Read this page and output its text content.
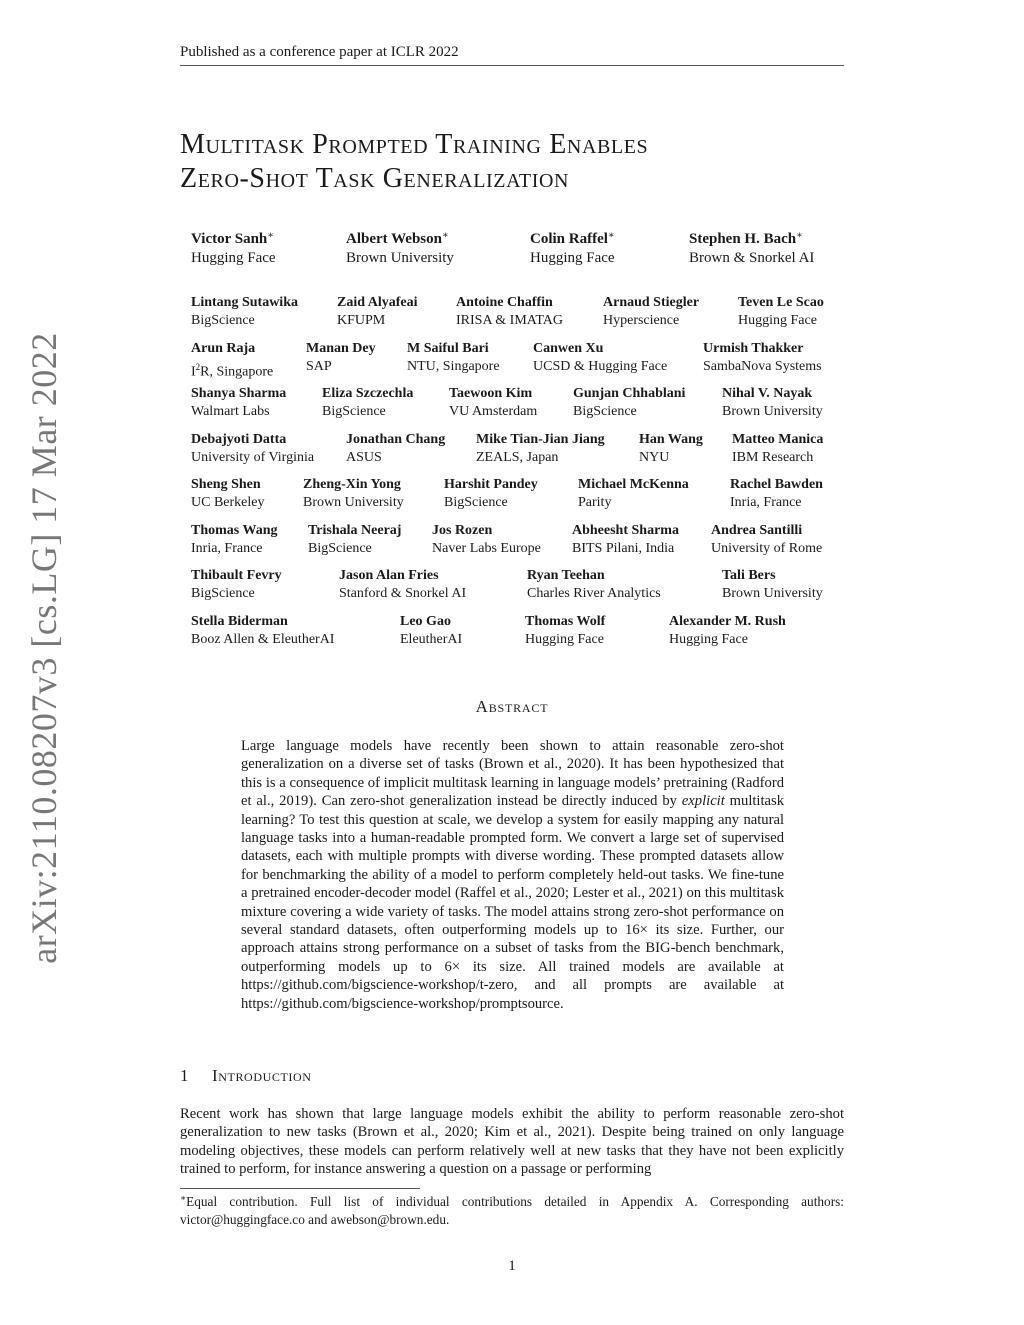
Published as a conference paper at ICLR 2022
arXiv:2110.08207v3 [cs.LG] 17 Mar 2022
Multitask Prompted Training Enables
Zero-Shot Task Generalization
Victor Sanh∗
Hugging Face
Albert Webson∗
Brown University
Colin Raffel∗
Hugging Face
Stephen H. Bach∗
Brown & Snorkel AI
Lintang Sutawika
BigScience
Zaid Alyafeai
KFUPM
Antoine Chaffin
IRISA & IMATAG
Arnaud Stiegler
Hyperscience
Teven Le Scao
Hugging Face
Arun Raja
$I^2R$, Singapore
Manan Dey
SAP
M Saiful Bari
NTU, Singapore
Canwen Xu
UCSD & Hugging Face
Urmish Thakker
SambaNova Systems
Shanya Sharma
Walmart Labs
Eliza Szczechla
BigScience
Taewoon Kim
VU Amsterdam
Gunjan Chhablani
BigScience
Nihal V. Nayak
Brown University
Debajyoti Datta
University of Virginia
Jonathan Chang
ASUS
Mike Tian-Jian Jiang
ZEALS, Japan
Han Wang
NYU
Matteo Manica
IBM Research
Sheng Shen
UC Berkeley
Zheng-Xin Yong
Brown University
Harshit Pandey
BigScience
Michael McKenna
Parity
Rachel Bawden
Inria, France
Thomas Wang
Inria, France
Trishala Neeraj
BigScience
Jos Rozen
Naver Labs Europe
Abheesht Sharma
BITS Pilani, India
Andrea Santilli
University of Rome
Thibault Fevry
BigScience
Jason Alan Fries
Stanford & Snorkel AI
Ryan Teehan
Charles River Analytics
Tali Bers
Brown University
Stella Biderman
Booz Allen & EleutherAI
Leo Gao
EleutherAI
Thomas Wolf
Hugging Face
Alexander M. Rush
Hugging Face
Abstract
Large language models have recently been shown to attain reasonable zero-shot generalization on a diverse set of tasks (Brown et al., 2020). It has been hypothesized that this is a consequence of implicit multitask learning in language models’ pretraining (Radford et al., 2019). Can zero-shot generalization instead be directly induced by explicit multitask learning? To test this question at scale, we develop a system for easily mapping any natural language tasks into a human-readable prompted form. We convert a large set of supervised datasets, each with multiple prompts with diverse wording. These prompted datasets allow for benchmarking the ability of a model to perform completely held-out tasks. We fine-tune a pretrained encoder-decoder model (Raffel et al., 2020; Lester et al., 2021) on this multitask mixture covering a wide variety of tasks. The model attains strong zero-shot performance on several standard datasets, often outperforming models up to 16× its size. Further, our approach attains strong performance on a subset of tasks from the BIG-bench benchmark, outperforming models up to 6× its size. All trained models are available at https://github.com/bigscience-workshop/t-zero, and all prompts are available at https://github.com/bigscience-workshop/promptsource.
1 Introduction
Recent work has shown that large language models exhibit the ability to perform reasonable zero-shot generalization to new tasks (Brown et al., 2020; Kim et al., 2021). Despite being trained on only language modeling objectives, these models can perform relatively well at new tasks that they have not been explicitly trained to perform, for instance answering a question on a passage or performing
∗Equal contribution. Full list of individual contributions detailed in Appendix A. Corresponding authors: victor@huggingface.co and awebson@brown.edu.
1
